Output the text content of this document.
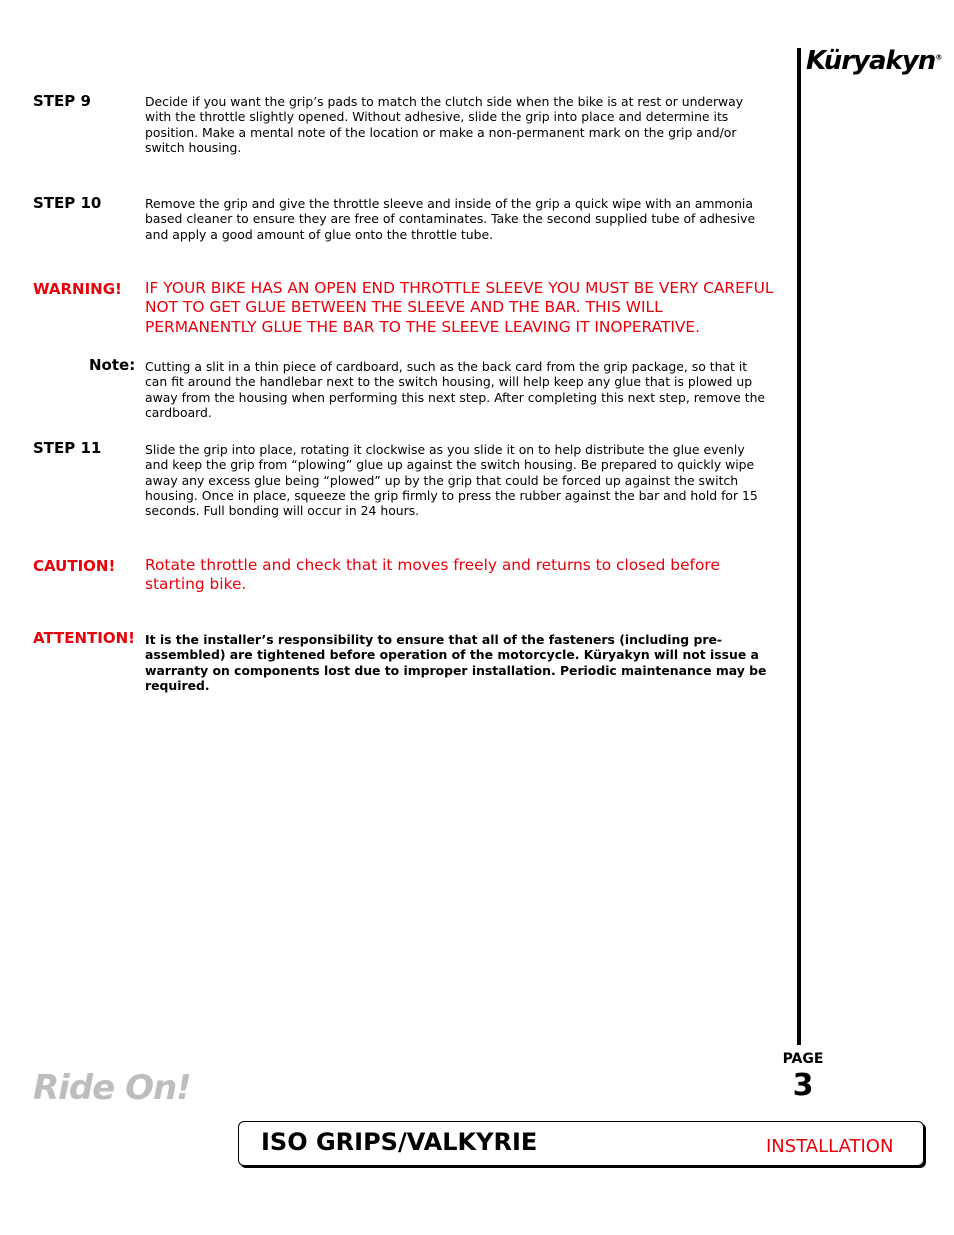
Küryakyn®
STEP 9	Decide if you want the grip’s pads to match the clutch side when the bike is at rest or underway with the throttle slightly opened. Without adhesive, slide the grip into place and determine its position. Make a mental note of the location or make a non-permanent mark on the grip and/or switch housing.
STEP 10	Remove the grip and give the throttle sleeve and inside of the grip a quick wipe with an ammonia based cleaner to ensure they are free of contaminates. Take the second supplied tube of adhesive and apply a good amount of glue onto the throttle tube.
WARNING! IF YOUR BIKE HAS AN OPEN END THROTTLE SLEEVE YOU MUST BE VERY CAREFUL NOT TO GET GLUE BETWEEN THE SLEEVE AND THE BAR. THIS WILL PERMANENTLY GLUE THE BAR TO THE SLEEVE LEAVING IT INOPERATIVE.
Note: Cutting a slit in a thin piece of cardboard, such as the back card from the grip package, so that it can fit around the handlebar next to the switch housing, will help keep any glue that is plowed up away from the housing when performing this next step. After completing this next step, remove the cardboard.
STEP 11	Slide the grip into place, rotating it clockwise as you slide it on to help distribute the glue evenly and keep the grip from “plowing” glue up against the switch housing. Be prepared to quickly wipe away any excess glue being “plowed” up by the grip that could be forced up against the switch housing. Once in place, squeeze the grip firmly to press the rubber against the bar and hold for 15 seconds. Full bonding will occur in 24 hours.
CAUTION! Rotate throttle and check that it moves freely and returns to closed before starting bike.
ATTENTION! It is the installer’s responsibility to ensure that all of the fasteners (including pre-assembled) are tightened before operation of the motorcycle. Küryakyn will not issue a warranty on components lost due to improper installation. Periodic maintenance may be required.
PAGE
3
Ride On!
ISO GRIPS/VALKYRIE	INSTALLATION
